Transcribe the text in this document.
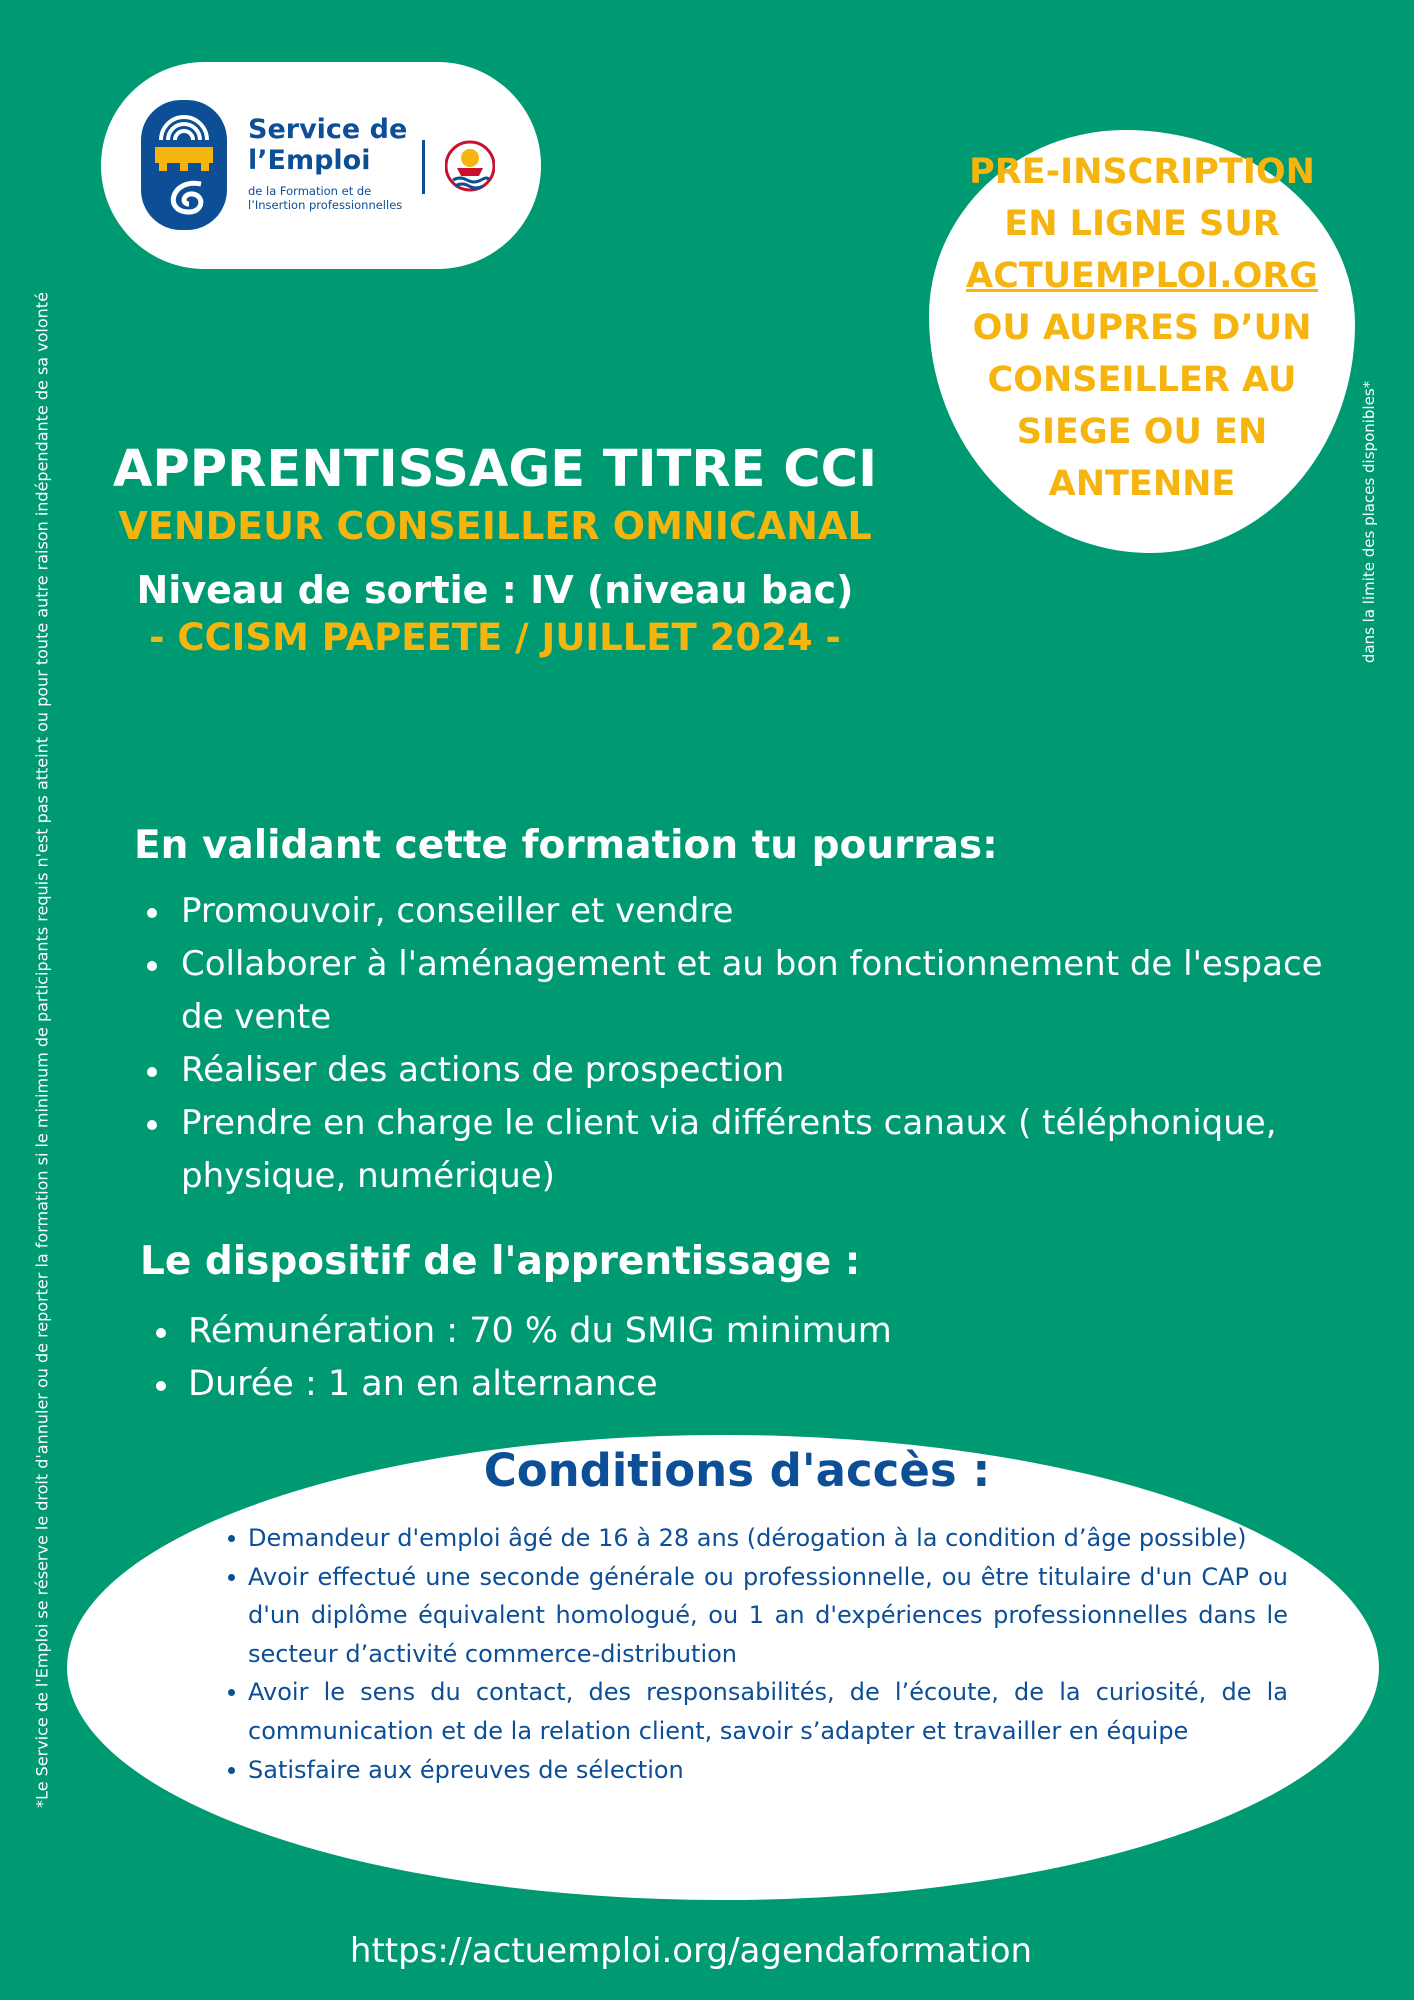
*Le Service de l'Emploi se réserve le droit d'annuler ou de reporter la formation si le minimum de participants requis n'est pas atteint ou pour toute autre raison indépendante de sa volonté	dans la limite des places disponibles*
Service de
l’Emploi
de la Formation et de
l’Insertion professionnelles
PRE-INSCRIPTION
EN LIGNE SUR
ACTUEMPLOI.ORG
OU AUPRES D’UN
CONSEILLER AU
SIEGE OU EN
ANTENNE
APPRENTISSAGE TITRE CCI
VENDEUR CONSEILLER OMNICANAL
Niveau de sortie : IV (niveau bac)
- CCISM PAPEETE / JUILLET 2024 -
En validant cette formation tu pourras:
Promouvoir, conseiller et vendre
Collaborer à l'aménagement et au bon fonctionnement de l'espace de vente
Réaliser des actions de prospection
Prendre en charge le client via différents canaux ( téléphonique, physique, numérique)
Le dispositif de l'apprentissage :
Rémunération : 70 % du SMIG minimum
Durée : 1 an en alternance
Conditions d'accès :
Demandeur d'emploi âgé de 16 à 28 ans (dérogation à la condition d’âge possible)
Avoir effectué une seconde générale ou professionnelle, ou être titulaire d'un CAP ou d'un diplôme équivalent homologué, ou 1 an d'expériences professionnelles dans le secteur d’activité commerce-distribution
Avoir le sens du contact, des responsabilités, de l’écoute, de la curiosité, de la communication et de la relation client, savoir s’adapter et travailler en équipe
Satisfaire aux épreuves de sélection
https://actuemploi.org/agendaformation
